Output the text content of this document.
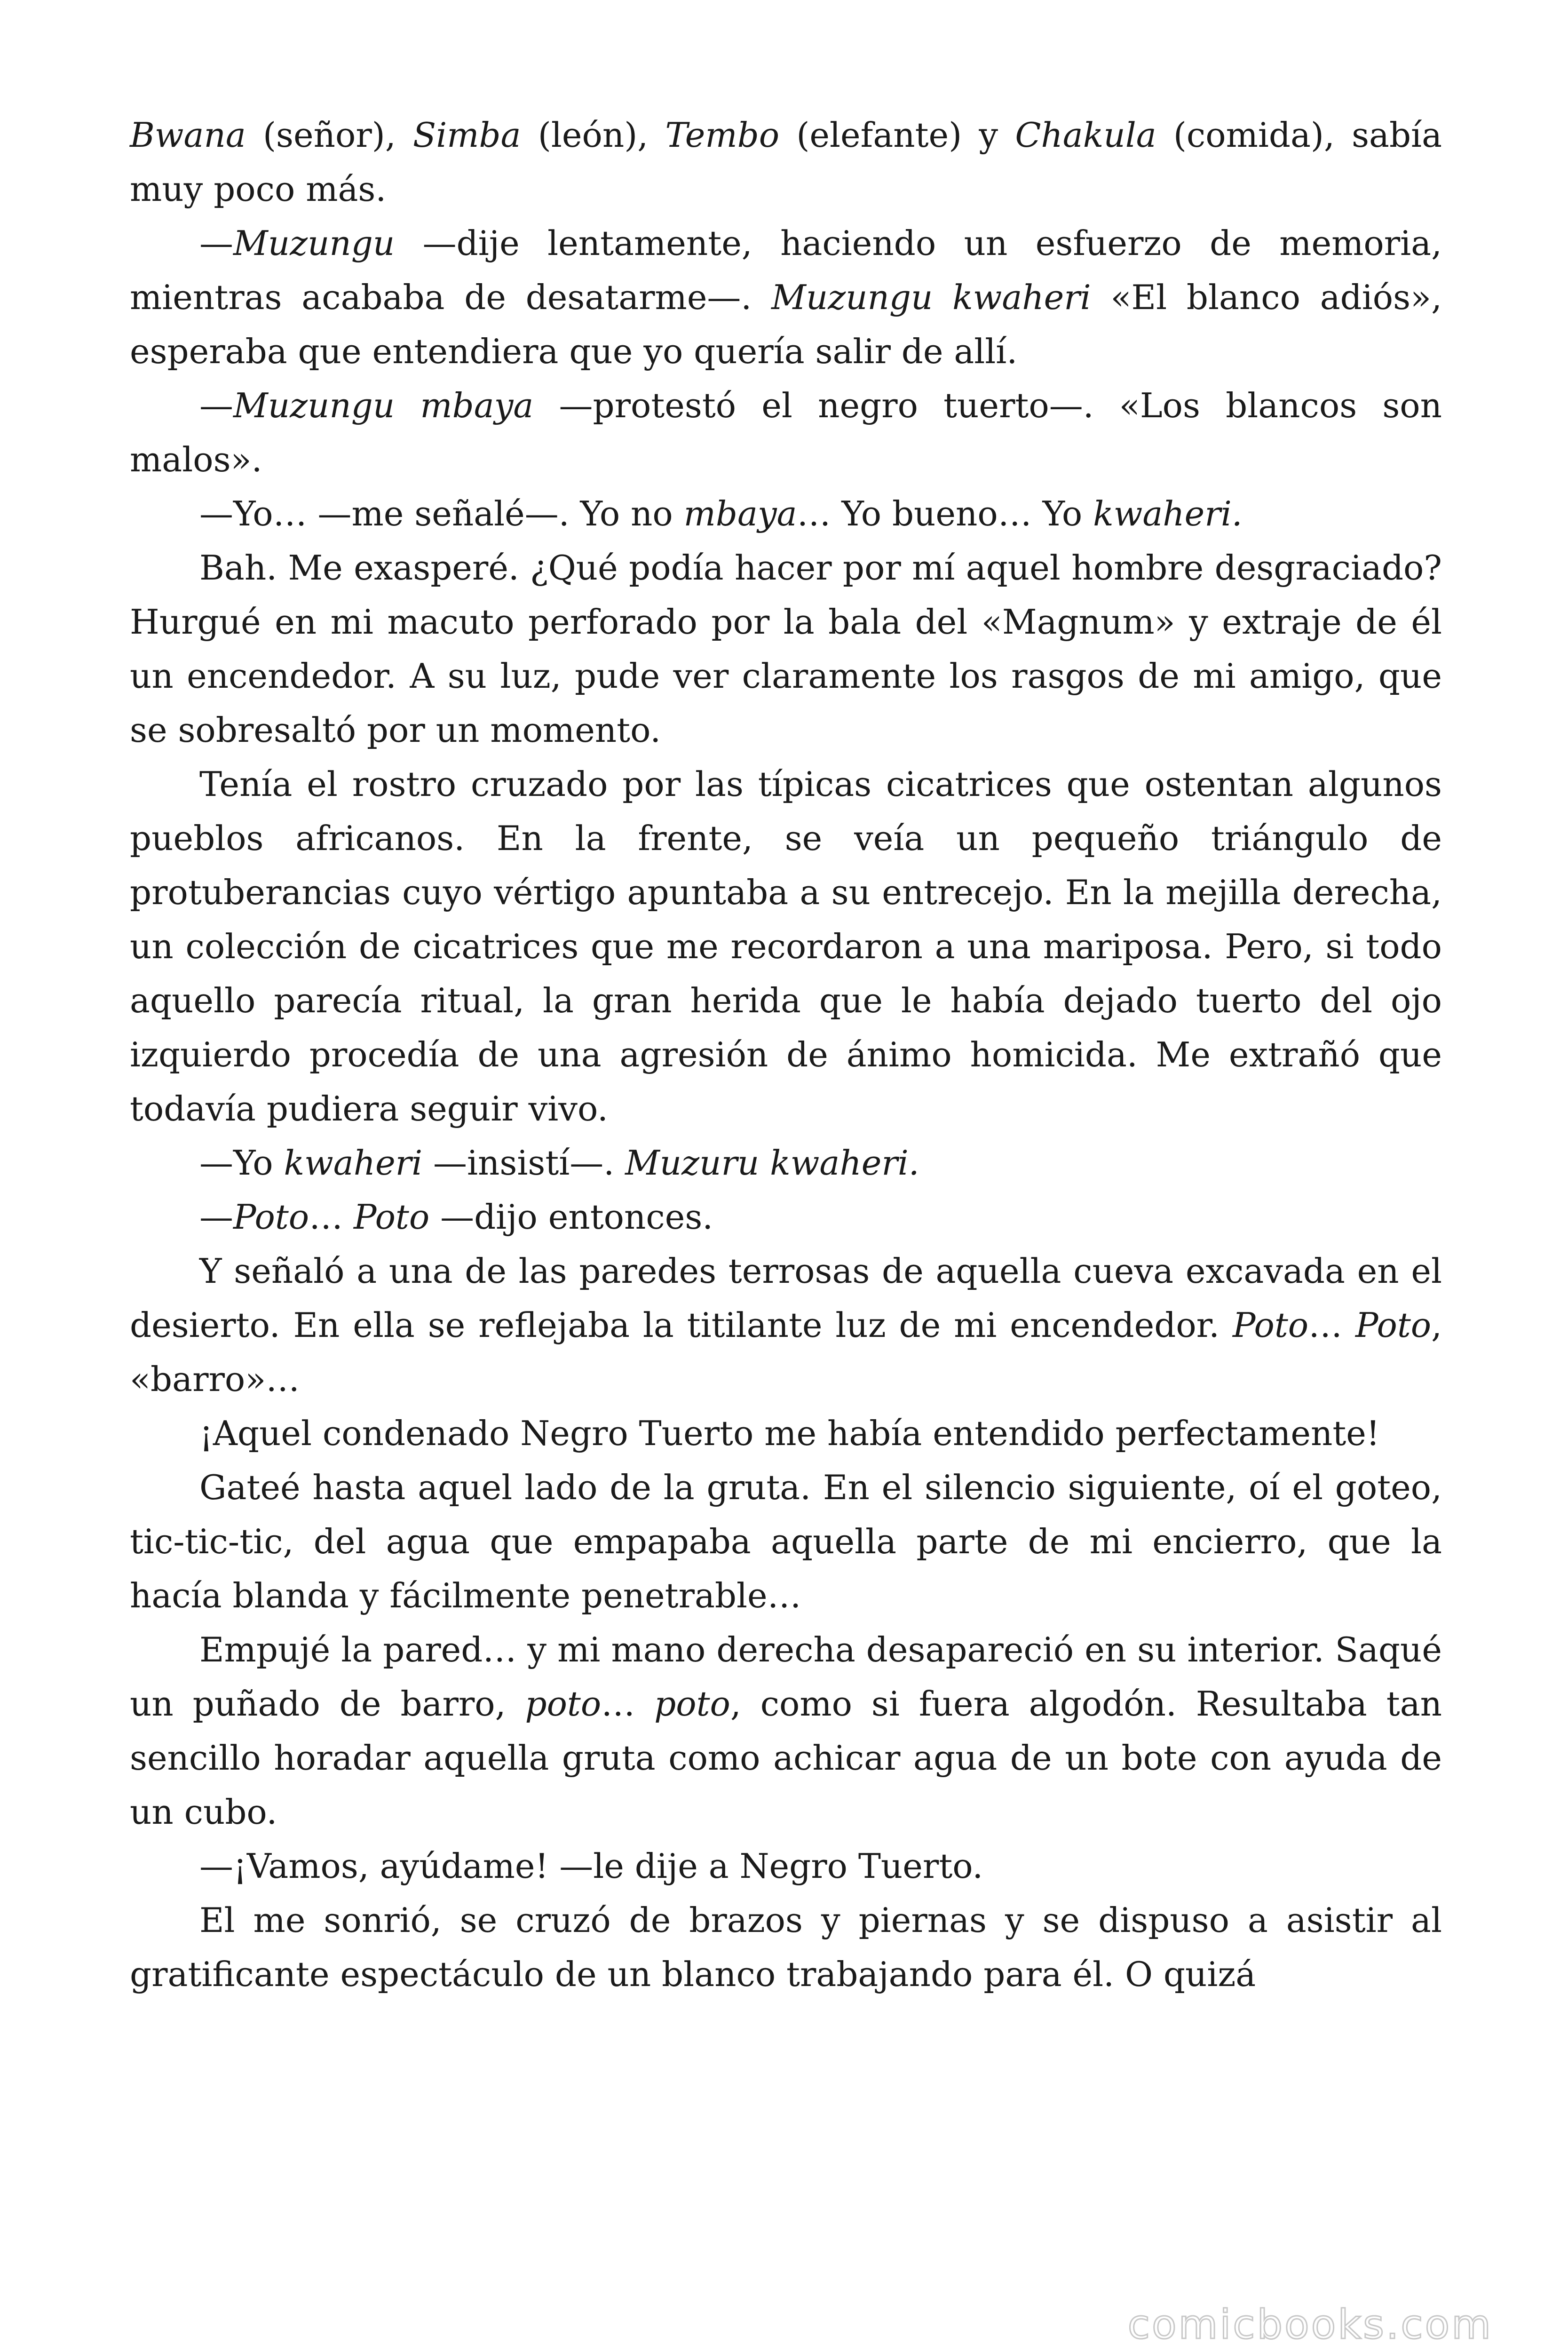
Bwana (señor), Simba (león), Tembo (elefante) y Chakula (comida), sabía muy poco más.

—Muzungu —dije lentamente, haciendo un esfuerzo de memoria, mientras acababa de desatarme—. Muzungu kwaheri «El blanco adiós», esperaba que entendiera que yo quería salir de allí.

—Muzungu mbaya —protestó el negro tuerto—. «Los blancos son malos».

—Yo… —me señalé—. Yo no mbaya… Yo bueno… Yo kwaheri.

Bah. Me exasperé. ¿Qué podía hacer por mí aquel hombre desgraciado? Hurgué en mi macuto perforado por la bala del «Magnum» y extraje de él un encendedor. A su luz, pude ver claramente los rasgos de mi amigo, que se sobresaltó por un momento.

Tenía el rostro cruzado por las típicas cicatrices que ostentan algunos pueblos africanos. En la frente, se veía un pequeño triángulo de protuberancias cuyo vértigo apuntaba a su entrecejo. En la mejilla derecha, un colección de cicatrices que me recordaron a una mariposa. Pero, si todo aquello parecía ritual, la gran herida que le había dejado tuerto del ojo izquierdo procedía de una agresión de ánimo homicida. Me extrañó que todavía pudiera seguir vivo.

—Yo kwaheri —insistí—. Muzuru kwaheri.

—Poto… Poto —dijo entonces.

Y señaló a una de las paredes terrosas de aquella cueva excavada en el desierto. En ella se reflejaba la titilante luz de mi encendedor. Poto… Poto, «barro»…

¡Aquel condenado Negro Tuerto me había entendido perfectamente!

Gateé hasta aquel lado de la gruta. En el silencio siguiente, oí el goteo, tic-tic-tic, del agua que empapaba aquella parte de mi encierro, que la hacía blanda y fácilmente penetrable…

Empujé la pared… y mi mano derecha desapareció en su interior. Saqué un puñado de barro, poto… poto, como si fuera algodón. Resultaba tan sencillo horadar aquella gruta como achicar agua de un bote con ayuda de un cubo.

—¡Vamos, ayúdame! —le dije a Negro Tuerto.

El me sonrió, se cruzó de brazos y piernas y se dispuso a asistir al gratificante espectáculo de un blanco trabajando para él. O quizá

comicbooks.com
